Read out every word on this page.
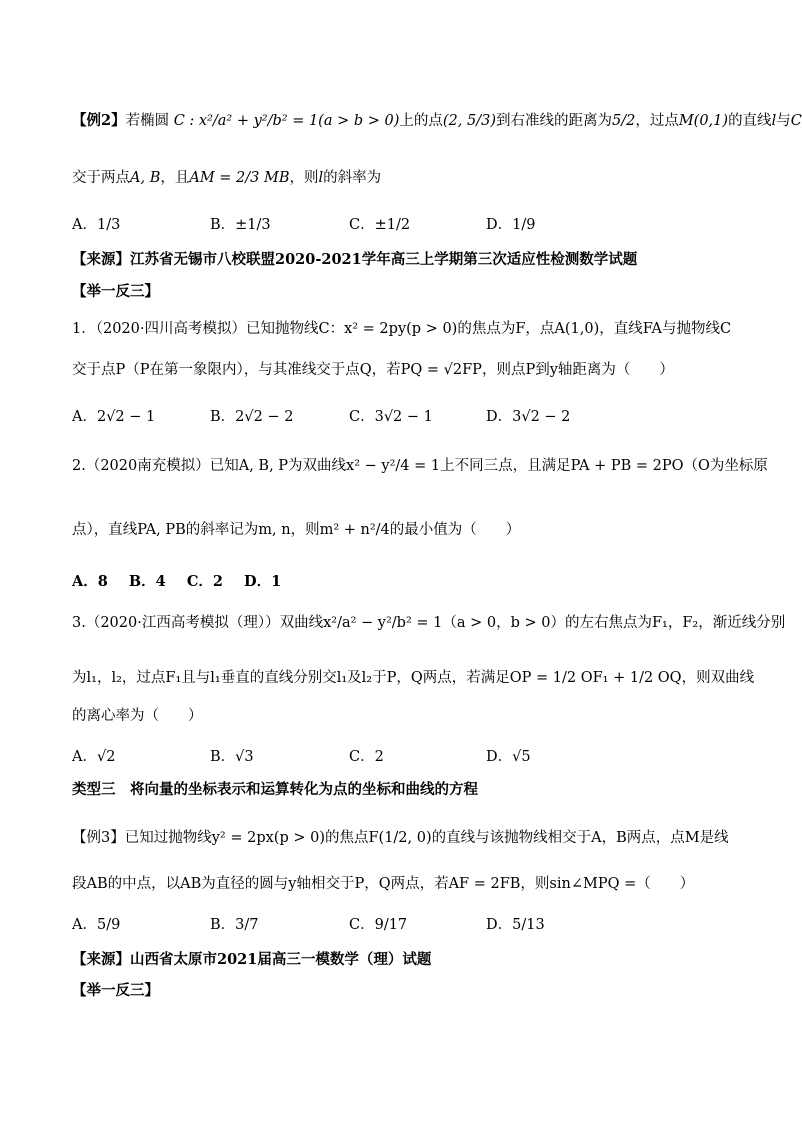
【例2】若椭圆 C : x²/a² + y²/b² = 1(a > b > 0)上的点(2, 5/3)到右准线的距离为5/2，过点M(0,1)的直线l与C
交于两点A, B，且AM = 2/3 MB，则l的斜率为
A．1/3	B．±1/3	C．±1/2	D．1/9
【来源】江苏省无锡市八校联盟2020-2021学年高三上学期第三次适应性检测数学试题
【举一反三】
1．（2020·四川高考模拟）已知抛物线C：x² = 2py(p > 0)的焦点为F，点A(1,0)，直线FA与抛物线C
交于点P（P在第一象限内），与其准线交于点Q，若PQ = √2FP，则点P到y轴距离为（　　）
A．2√2 − 1	B．2√2 − 2	C．3√2 − 1	D．3√2 − 2
2.（2020南充模拟）已知A, B, P为双曲线x² − y²/4 = 1上不同三点，且满足PA + PB = 2PO（O为坐标原
点），直线PA, PB的斜率记为m, n，则m² + n²/4的最小值为（　　）
A．8 B．4 C．2 D．1
3.（2020·江西高考模拟（理））双曲线x²/a² − y²/b² = 1（a > 0，b > 0）的左右焦点为F₁，F₂，渐近线分别
为l₁，l₂，过点F₁且与l₁垂直的直线分别交l₁及l₂于P，Q两点，若满足OP = 1/2 OF₁ + 1/2 OQ，则双曲线
的离心率为（　　）
A．√2	B．√3	C．2	D．√5
类型三　将向量的坐标表示和运算转化为点的坐标和曲线的方程
【例3】已知过抛物线y² = 2px(p > 0)的焦点F(1/2, 0)的直线与该抛物线相交于A，B两点，点M是线
段AB的中点，以AB为直径的圆与y轴相交于P，Q两点，若AF = 2FB，则sin∠MPQ =（　　）
A．5/9	B．3/7	C．9/17	D．5/13
【来源】山西省太原市2021届高三一模数学（理）试题
【举一反三】
